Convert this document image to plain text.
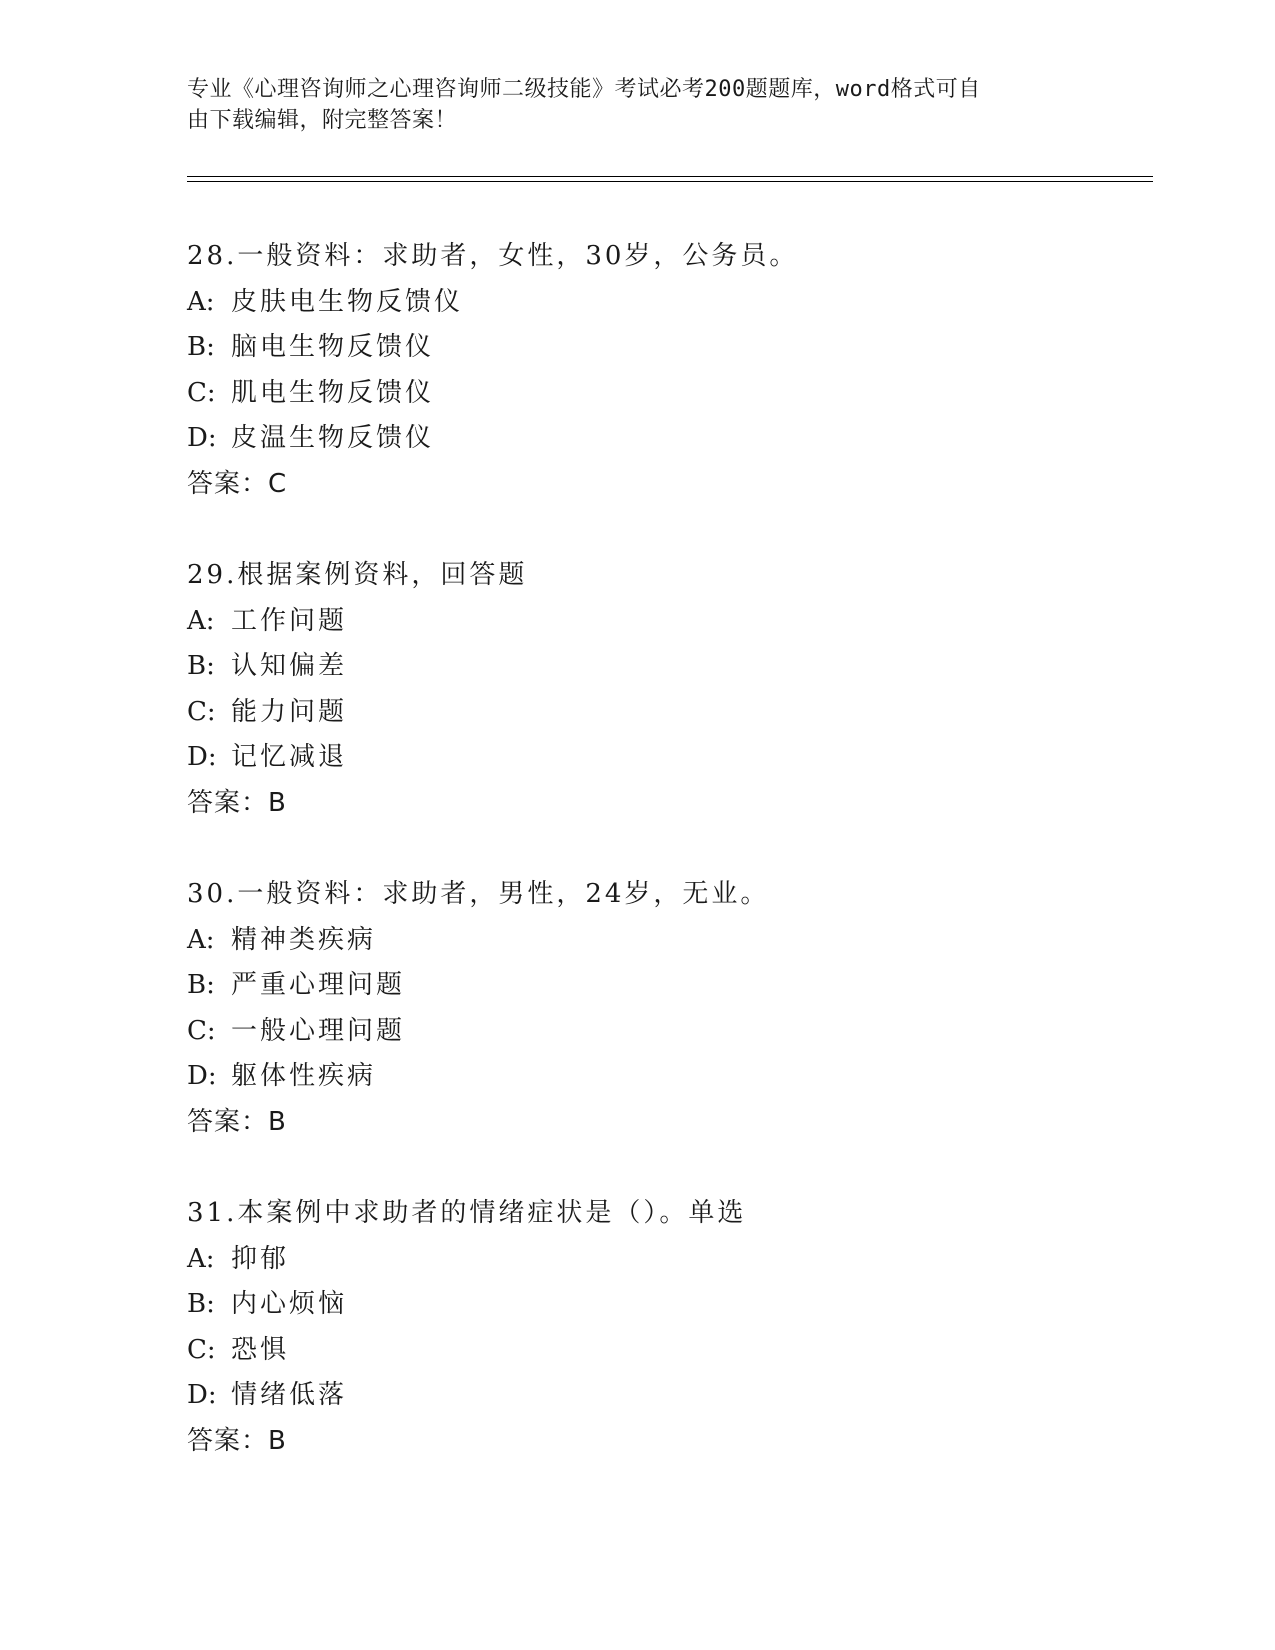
专业《心理咨询师之心理咨询师二级技能》考试必考200题题库，word格式可自
由下载编辑，附完整答案！
28.一般资料：求助者，女性，30岁，公务员。
A: 皮肤电生物反馈仪
B: 脑电生物反馈仪
C: 肌电生物反馈仪
D: 皮温生物反馈仪
答案：C
29.根据案例资料，回答题
A: 工作问题
B: 认知偏差
C: 能力问题
D: 记忆减退
答案：B
30.一般资料：求助者，男性，24岁，无业。
A: 精神类疾病
B: 严重心理问题
C: 一般心理问题
D: 躯体性疾病
答案：B
31.本案例中求助者的情绪症状是（）。单选
A: 抑郁
B: 内心烦恼
C: 恐惧
D: 情绪低落
答案：B
